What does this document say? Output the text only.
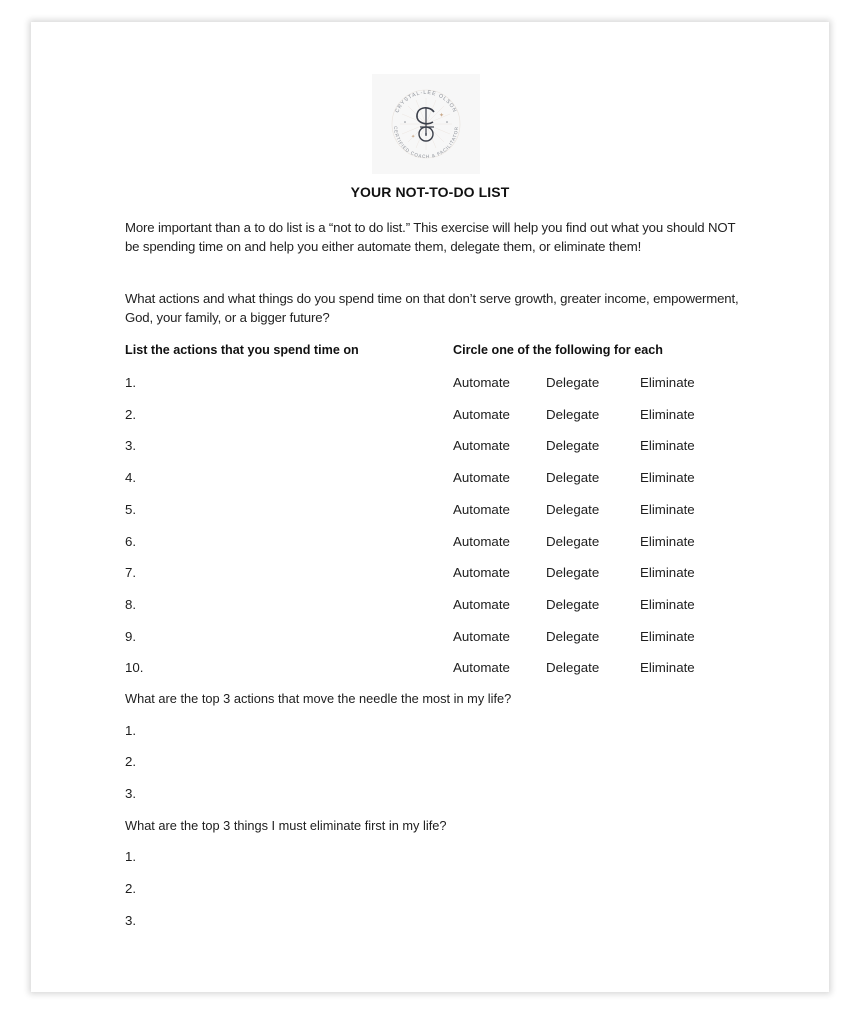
CRYSTAL-LEE OLSON
CERTIFIED COACH & FACILITATOR
✦
✦
YOUR NOT-TO-DO LIST
More important than a to do list is a “not to do list.” This exercise will help you find out what you should NOT be spending time on and help you either automate them, delegate them, or eliminate them!
What actions and what things do you spend time on that don’t serve growth, greater income, empowerment, God, your family, or a bigger future?
List the actions that you spend time on	Circle one of the following for each
1.	Automate	Delegate	Eliminate
2.	Automate	Delegate	Eliminate
3.	Automate	Delegate	Eliminate
4.	Automate	Delegate	Eliminate
5.	Automate	Delegate	Eliminate
6.	Automate	Delegate	Eliminate
7.	Automate	Delegate	Eliminate
8.	Automate	Delegate	Eliminate
9.	Automate	Delegate	Eliminate
10.	Automate	Delegate	Eliminate
What are the top 3 actions that move the needle the most in my life?
1.
2.
3.
What are the top 3 things I must eliminate first in my life?
1.
2.
3.
